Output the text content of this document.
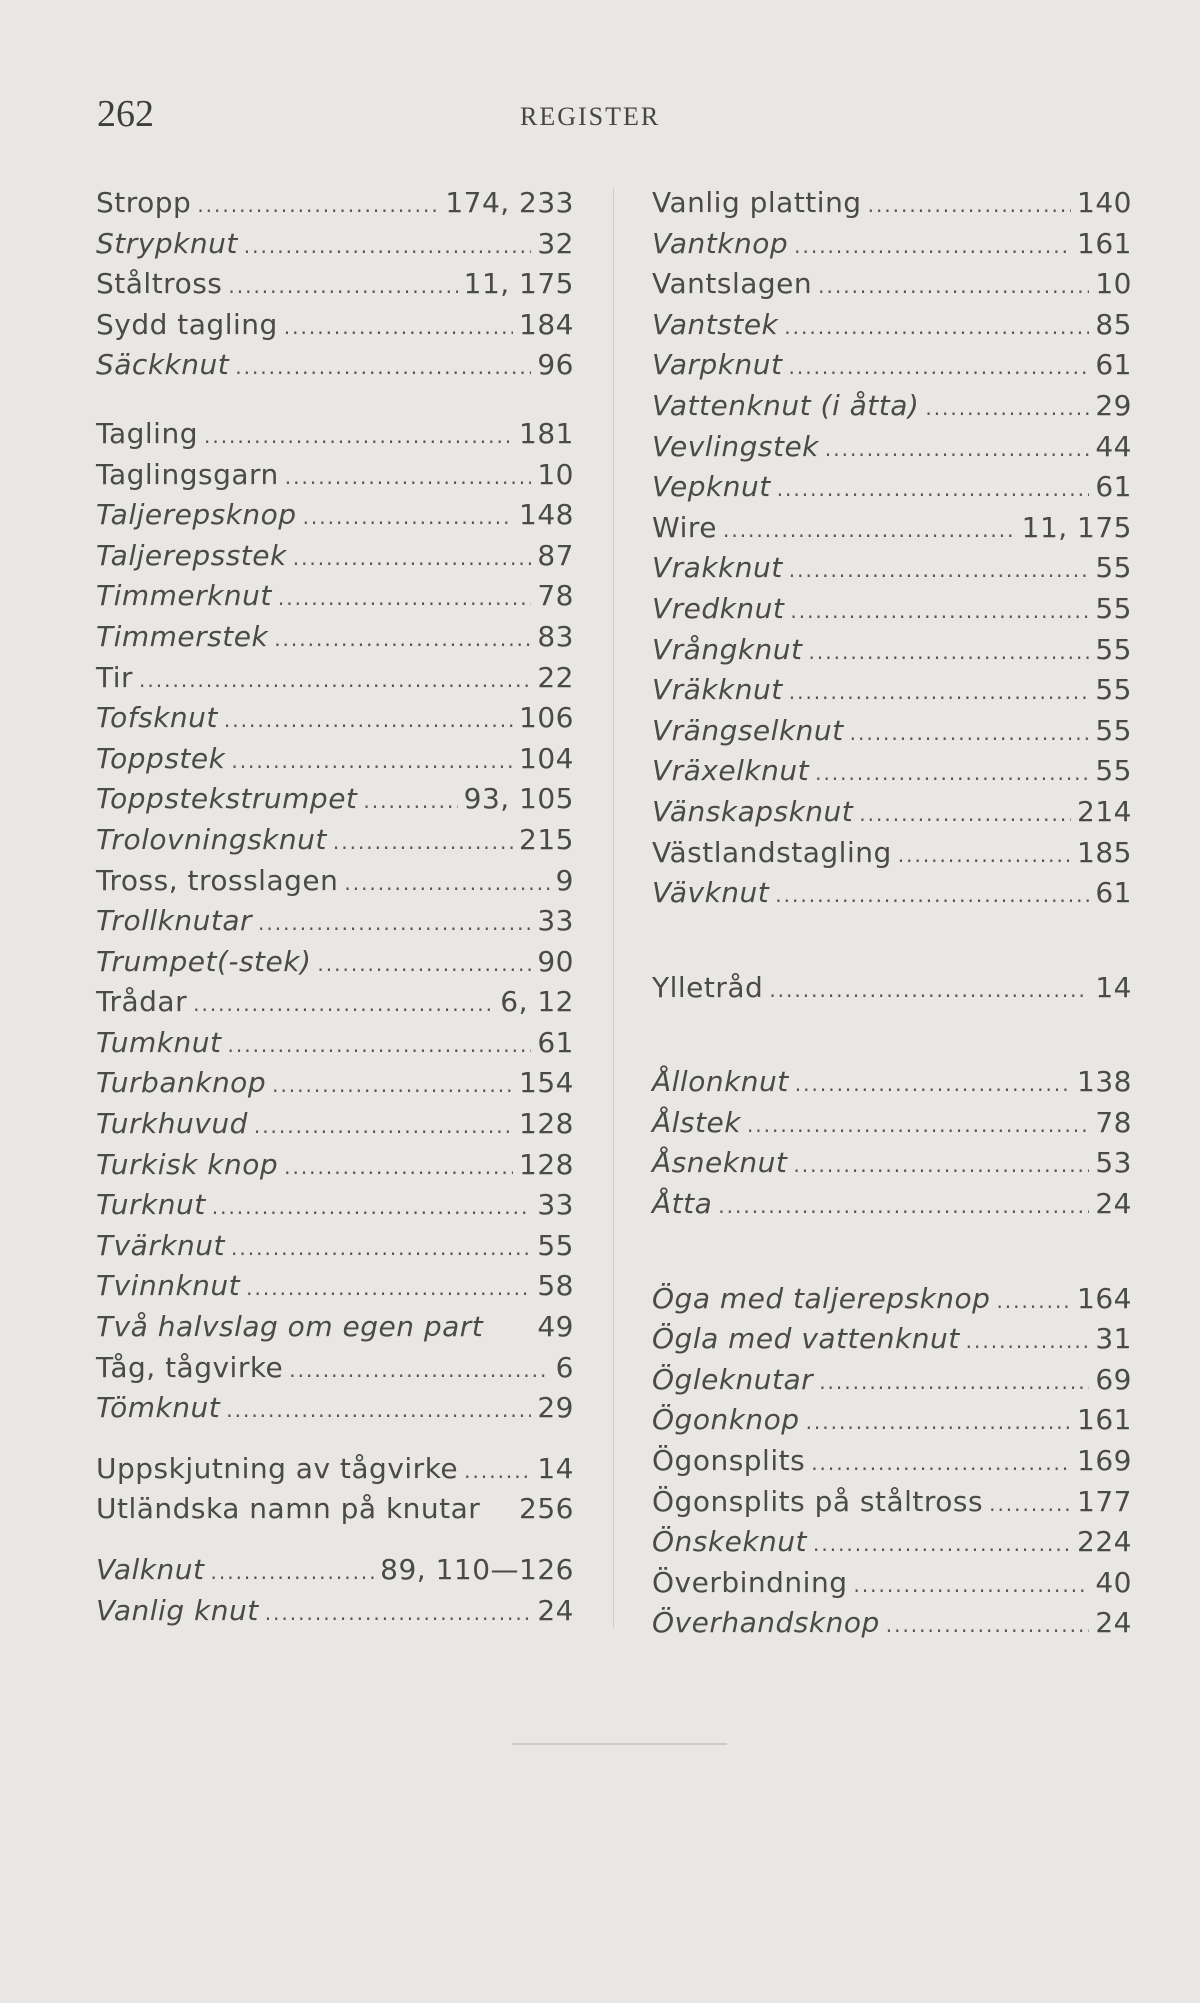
262	REGISTER
Stropp .....	174, 233
Strypknut .....	32
Ståltross .....	11, 175
Sydd tagling .....	184
Säckknut .....	96
Tagling .....	181
Taglingsgarn .....	10
Taljerepsknop .....	148
Taljerepsstek .....	87
Timmerknut .....	78
Timmerstek .....	83
Tir .....	22
Tofsknut .....	106
Toppstek .....	104
Toppstekstrumpet .....	93, 105
Trolovningsknut .....	215
Tross, trosslagen .....	9
Trollknutar .....	33
Trumpet(-stek) .....	90
Trådar .....	6, 12
Tumknut .....	61
Turbanknop .....	154
Turkhuvud .....	128
Turkisk knop .....	128
Turknut .....	33
Tvärknut .....	55
Tvinnknut .....	58
Två halvslag om egen part 49
Tåg, tågvirke .....	6
Tömknut .....	29
Uppskjutning av tågvirke .....	14
Utländska namn på knutar 256
Valknut .....	89, 110—126
Vanlig knut .....	24
Vanlig platting .....	140
Vantknop .....	161
Vantslagen .....	10
Vantstek .....	85
Varpknut .....	61
Vattenknut (i åtta) .....	29
Vevlingstek .....	44
Vepknut .....	61
Wire .....	11, 175
Vrakknut .....	55
Vredknut .....	55
Vrångknut .....	55
Vräkknut .....	55
Vrängselknut .....	55
Vräxelknut .....	55
Vänskapsknut .....	214
Västlandstagling .....	185
Vävknut .....	61
Ylletråd .....	14
Ållonknut .....	138
Ålstek .....	78
Åsneknut .....	53
Åtta .....	24
Öga med taljerepsknop .....	164
Ögla med vattenknut .....	31
Ögleknutar .....	69
Ögonknop .....	161
Ögonsplits .....	169
Ögonsplits på ståltross .....	177
Önskeknut .....	224
Överbindning .....	40
Överhandsknop .....	24
